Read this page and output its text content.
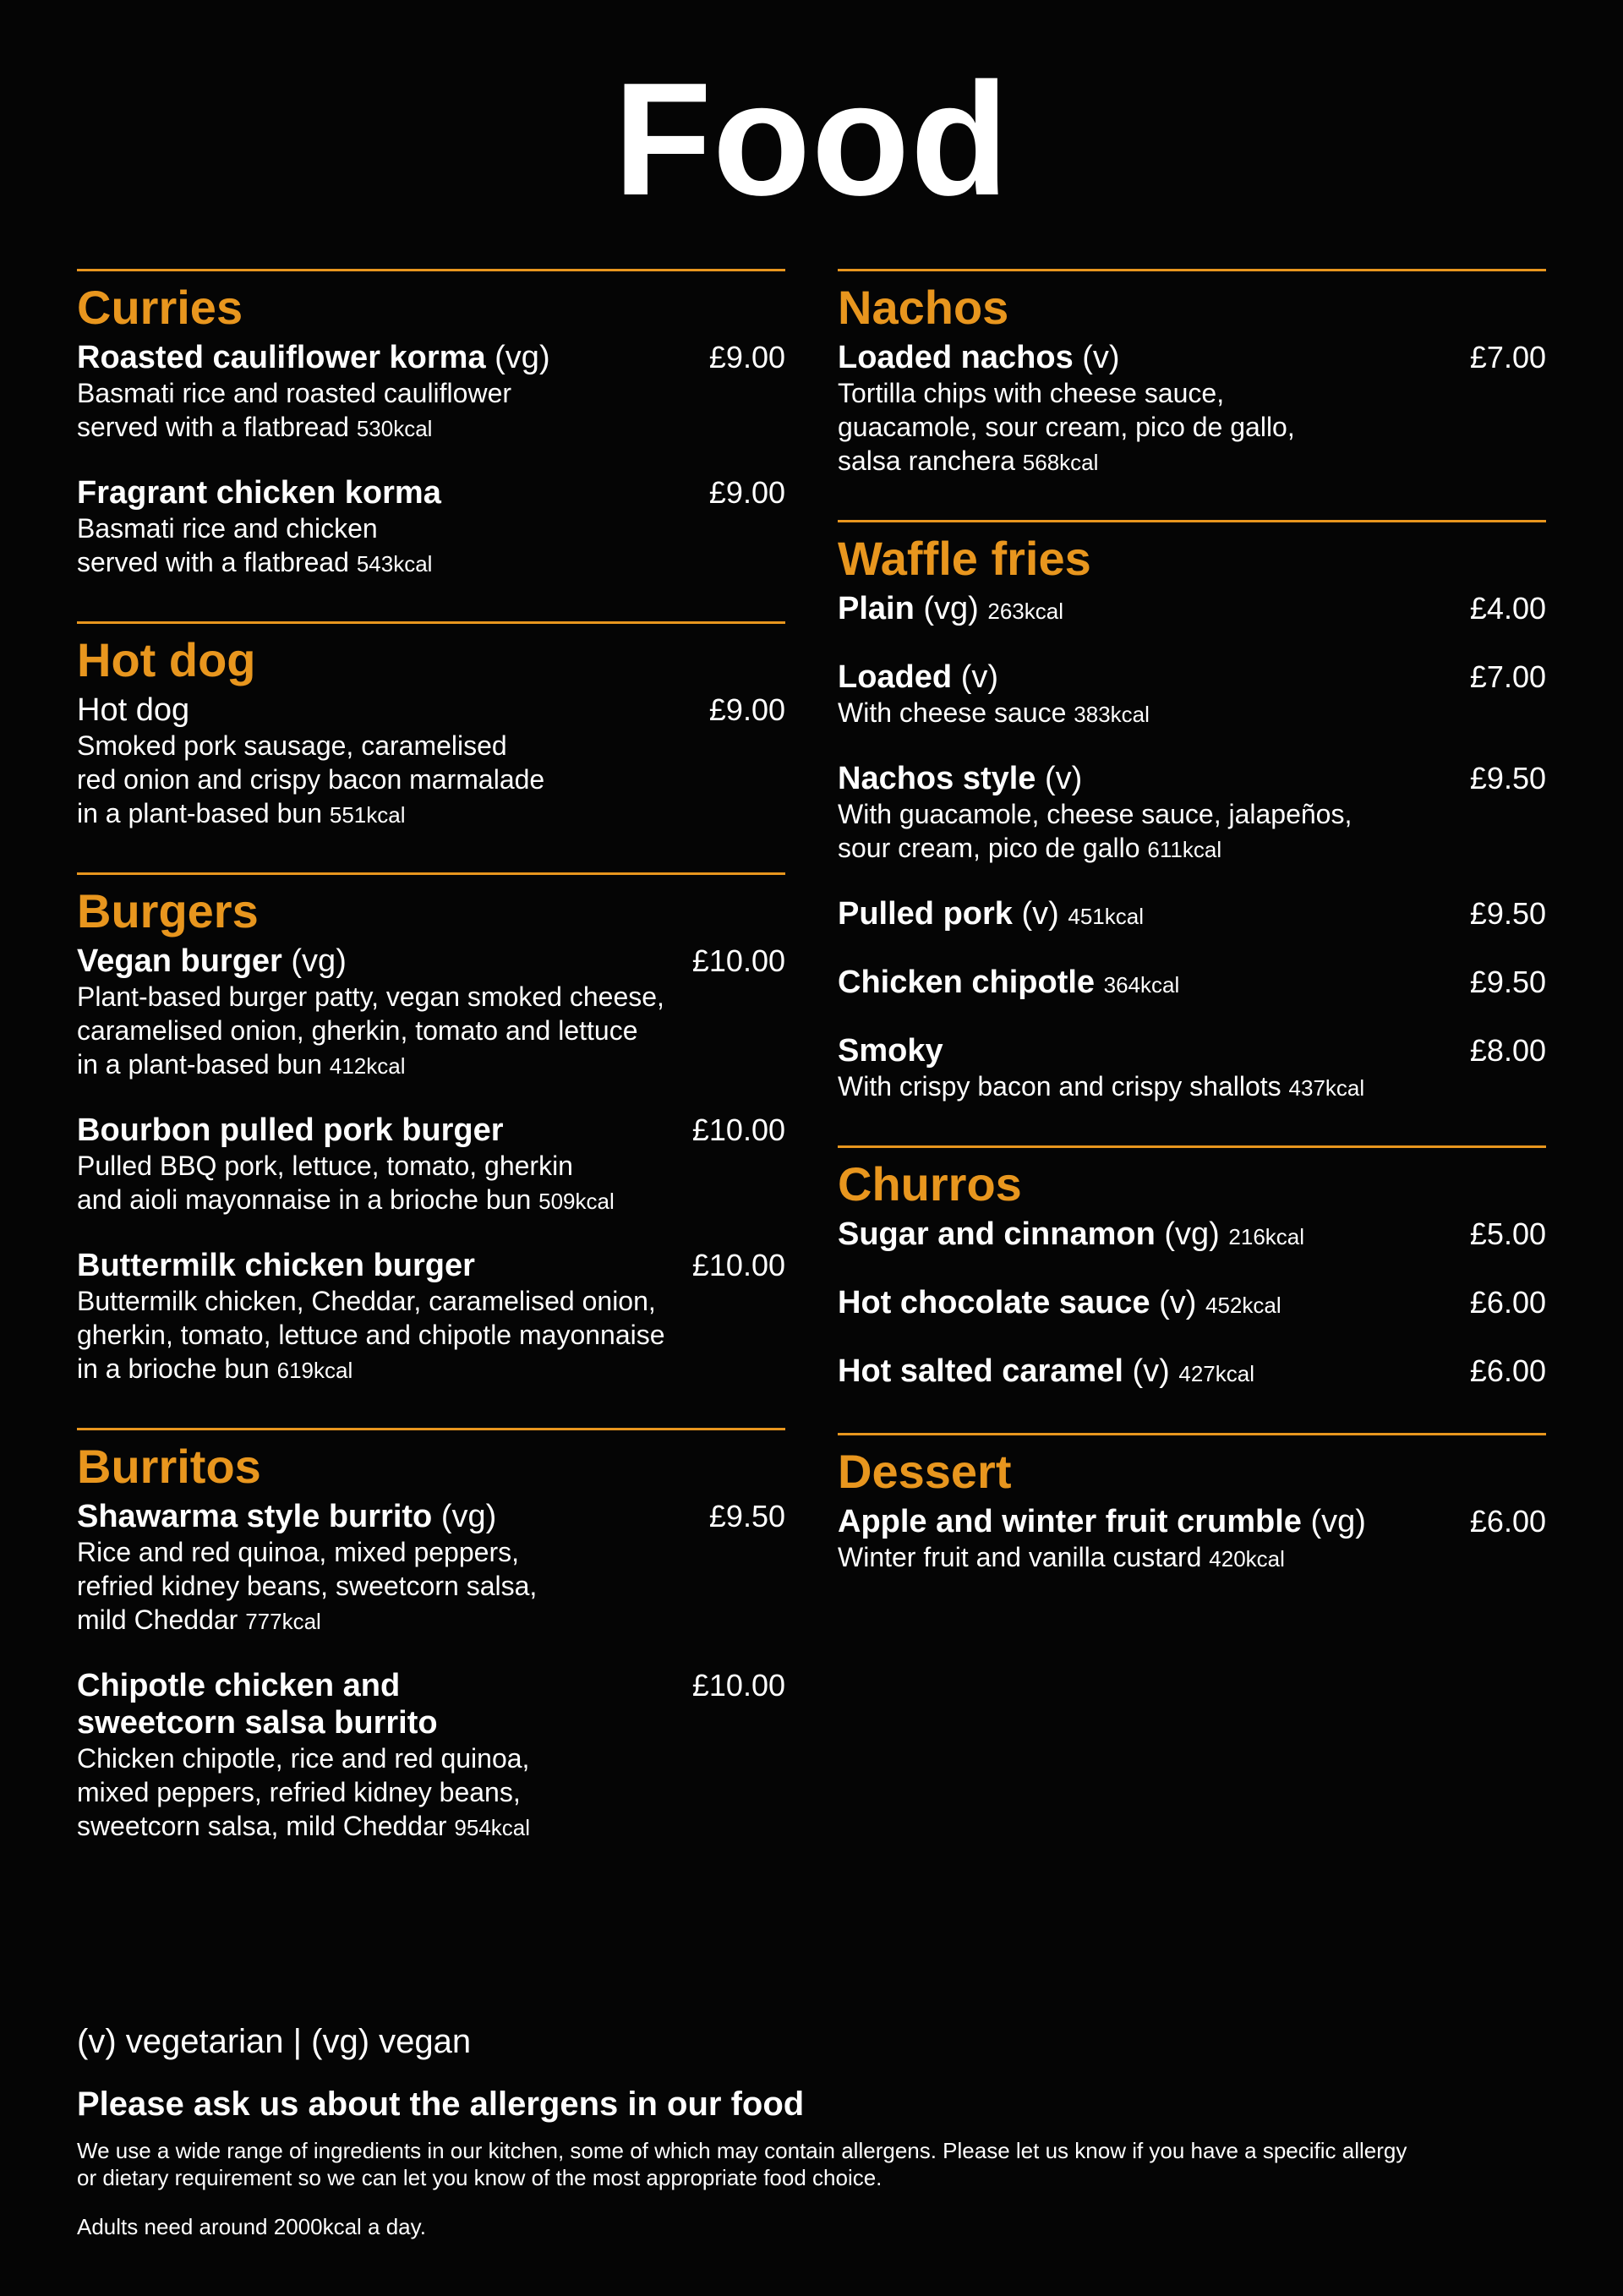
Food
Curries
Roasted cauliflower korma (vg)	£9.00
Basmati rice and roasted cauliflower
served with a flatbread 530kcal
Fragrant chicken korma	£9.00
Basmati rice and chicken
served with a flatbread 543kcal
Hot dog
Hot dog	£9.00
Smoked pork sausage, caramelised
red onion and crispy bacon marmalade
in a plant-based bun 551kcal
Burgers
Vegan burger (vg)	£10.00
Plant-based burger patty, vegan smoked cheese,
caramelised onion, gherkin, tomato and lettuce
in a plant-based bun 412kcal
Bourbon pulled pork burger	£10.00
Pulled BBQ pork, lettuce, tomato, gherkin
and aioli mayonnaise in a brioche bun 509kcal
Buttermilk chicken burger	£10.00
Buttermilk chicken, Cheddar, caramelised onion,
gherkin, tomato, lettuce and chipotle mayonnaise
in a brioche bun 619kcal
Burritos
Shawarma style burrito (vg)	£9.50
Rice and red quinoa, mixed peppers,
refried kidney beans, sweetcorn salsa,
mild Cheddar 777kcal
Chipotle chicken and
sweetcorn salsa burrito
£10.00
Chicken chipotle, rice and red quinoa,
mixed peppers, refried kidney beans,
sweetcorn salsa, mild Cheddar 954kcal
Nachos
Loaded nachos (v)	£7.00
Tortilla chips with cheese sauce,
guacamole, sour cream, pico de gallo,
salsa ranchera 568kcal
Waffle fries
Plain (vg) 263kcal	£4.00
Loaded (v)	£7.00
With cheese sauce 383kcal
Nachos style (v)	£9.50
With guacamole, cheese sauce, jalapeños,
sour cream, pico de gallo 611kcal
Pulled pork (v) 451kcal	£9.50
Chicken chipotle 364kcal	£9.50
Smoky	£8.00
With crispy bacon and crispy shallots 437kcal
Churros
Sugar and cinnamon (vg) 216kcal	£5.00
Hot chocolate sauce (v) 452kcal	£6.00
Hot salted caramel (v) 427kcal	£6.00
Dessert
Apple and winter fruit crumble (vg)	£6.00
Winter fruit and vanilla custard 420kcal
(v) vegetarian | (vg) vegan
Please ask us about the allergens in our food
We use a wide range of ingredients in our kitchen, some of which may contain allergens. Please let us know if you have a specific allergy
or dietary requirement so we can let you know of the most appropriate food choice.
Adults need around 2000kcal a day.
